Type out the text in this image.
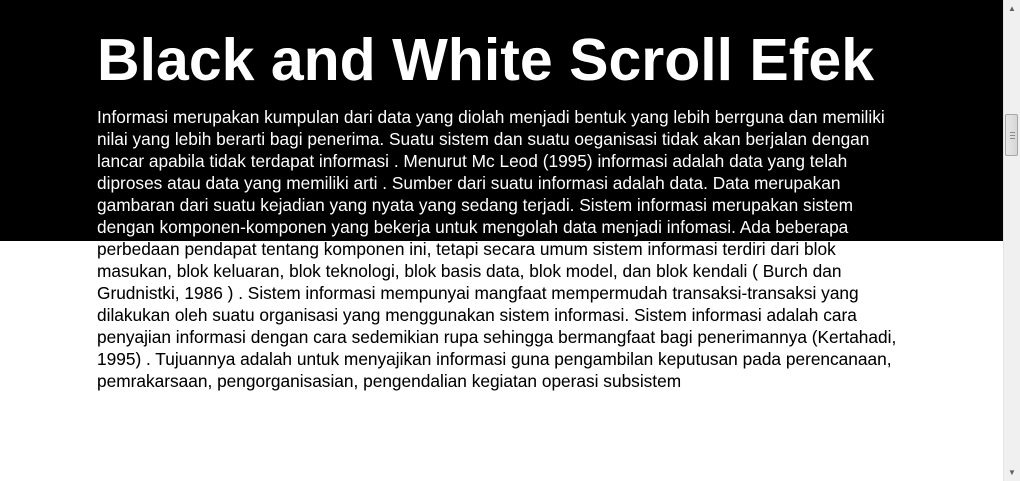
Black and White Scroll Efek

Informasi merupakan kumpulan dari data yang diolah menjadi bentuk yang lebih berrguna dan memiliki nilai yang lebih berarti bagi penerima. Suatu sistem dan suatu oeganisasi tidak akan berjalan dengan lancar apabila tidak terdapat informasi . Menurut Mc Leod (1995) informasi adalah data yang telah diproses atau data yang memiliki arti . Sumber dari suatu informasi adalah data. Data merupakan gambaran dari suatu kejadian yang nyata yang sedang terjadi. Sistem informasi merupakan sistem dengan komponen-komponen yang bekerja untuk mengolah data menjadi infomasi. Ada beberapa perbedaan pendapat tentang komponen ini, tetapi secara umum sistem informasi terdiri dari blok masukan, blok keluaran, blok teknologi, blok basis data, blok model, dan blok kendali ( Burch dan Grudnistki, 1986 ) . Sistem informasi mempunyai mangfaat mempermudah transaksi-transaksi yang dilakukan oleh suatu organisasi yang menggunakan sistem informasi. Sistem informasi adalah cara penyajian informasi dengan cara sedemikian rupa sehingga bermangfaat bagi penerimannya (Kertahadi, 1995) . Tujuannya adalah untuk menyajikan informasi guna pengambilan keputusan pada perencanaan, pemrakarsaan, pengorganisasian, pengendalian kegiatan operasi subsistem

▲
▼
